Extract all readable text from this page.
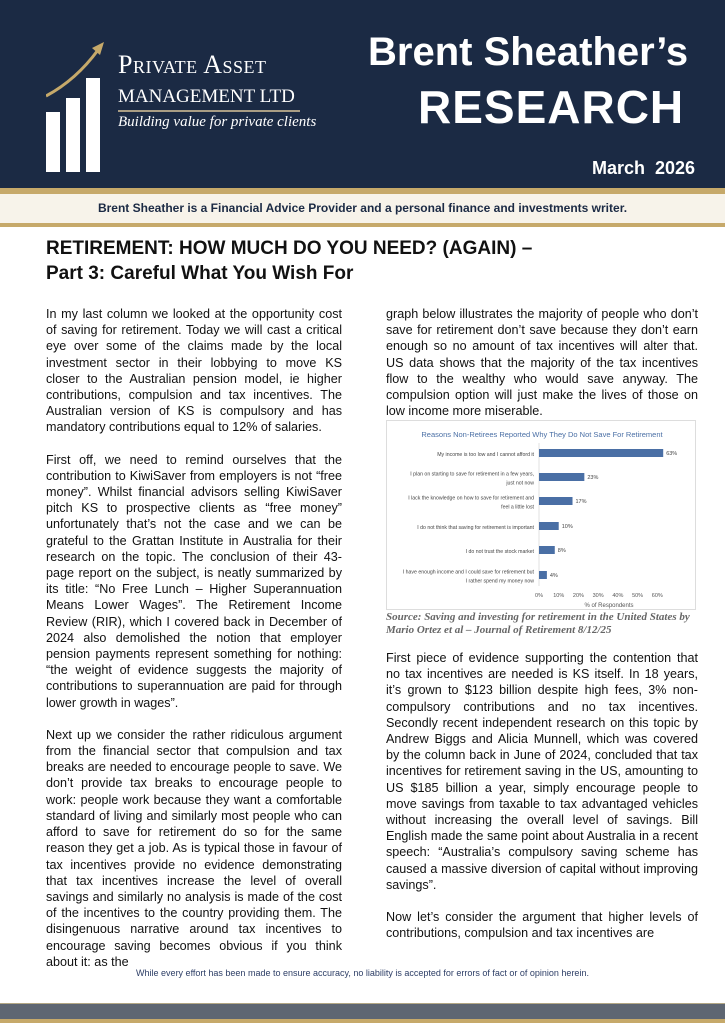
Private Asset
MANAGEMENT LTD
Building value for private clients
Brent Sheather’s
RESEARCH
March  2026
Brent Sheather is a Financial Advice Provider and a personal finance and investments writer.
RETIREMENT: HOW MUCH DO YOU NEED? (AGAIN) –
Part 3: Careful What You Wish For

In my last column we looked at the opportunity cost of saving for retirement. Today we will cast a critical eye over some of the claims made by the local investment sector in their lobbying to move KS closer to the Australian pension model, ie higher contributions, compulsion and tax incentives. The Australian version of KS is compulsory and has mandatory contributions equal to 12% of salaries.

First off, we need to remind ourselves that the contribution to KiwiSaver from employers is not “free money”. Whilst financial advisors selling KiwiSaver pitch KS to prospective clients as “free money” unfortunately that’s not the case and we can be grateful to the Grattan Institute in Australia for their research on the topic. The conclusion of their 43-page report on the subject, is neatly summarized by its title: “No Free Lunch – Higher Superannuation Means Lower Wages”. The Retirement Income Review (RIR), which I covered back in December of 2024 also demolished the notion that employer pension payments represent something for nothing: “the weight of evidence suggests the majority of contributions to superannuation are paid for through lower growth in wages”.

Next up we consider the rather ridiculous argument from the financial sector that compulsion and tax breaks are needed to encourage people to save. We don’t provide tax breaks to encourage people to work: people work because they want a comfortable standard of living and similarly most people who can afford to save for retirement do so for the same reason they get a job. As is typical those in favour of tax incentives provide no evidence demonstrating that tax incentives increase the level of overall savings and similarly no analysis is made of the cost of the incentives to the country providing them. The disingenuous narrative around tax incentives to encourage saving becomes obvious if you think about it: as the

graph below illustrates the majority of people who don’t save for retirement don’t save because they don’t earn enough so no amount of tax incentives will alter that. US data shows that the majority of the tax incentives flow to the wealthy who would save anyway. The compulsion option will just make the lives of those on low income more miserable.

Reasons Non-Retirees Reported Why They Do Not Save For Retirement
My income is too low and I cannot afford it	63%
I plan on starting to save for retirement in a few years,
just not now
23%
I lack the knowledge on how to save for retirement and
feel a little lost
17%
I do not think that saving for retirement is important	10%
I do not trust the stock market	8%
I have enough income and I could save for retirement but
I rather spend my money now
4%
0% 10% 20% 30% 40% 50% 60%
% of Respondents
Source: Saving and investing for retirement in the United States by Mario Ortez et al – Journal of Retirement 8/12/25

First piece of evidence supporting the contention that no tax incentives are needed is KS itself. In 18 years, it’s grown to $123 billion despite high fees, 3% non-compulsory contributions and no tax incentives. Secondly recent independent research on this topic by Andrew Biggs and Alicia Munnell, which was covered by the column back in June of 2024, concluded that tax incentives for retirement saving in the US, amounting to US $185 billion a year, simply encourage people to move savings from taxable to tax advantaged vehicles without increasing the overall level of savings. Bill English made the same point about Australia in a recent speech: “Australia’s compulsory saving scheme has caused a massive diversion of capital without improving savings”.

Now let’s consider the argument that higher levels of contributions, compulsion and tax incentives are

While every effort has been made to ensure accuracy, no liability is accepted for errors of fact or of opinion herein.
